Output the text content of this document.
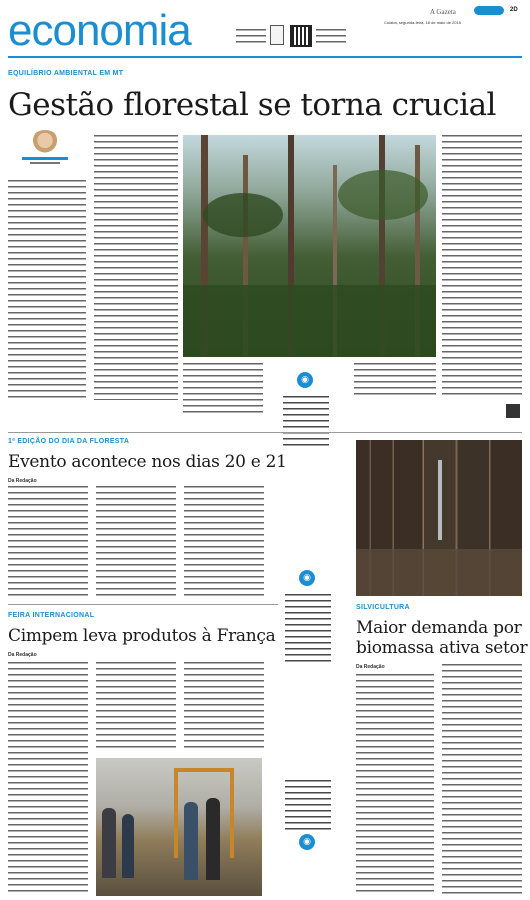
economia	A Gazeta	2D
Cuiabá, segunda-feira, 18 de maio de 2015
EQUILÍBRIO AMBIENTAL EM MT
Gestão florestal se torna crucial
◉
1ª EDIÇÃO DO DIA DA FLORESTA
Evento acontece nos dias 20 e 21
Da Redação
◉
FEIRA INTERNACIONAL
Cimpem leva produtos à França
Da Redação
◉
SILVICULTURA
Maior demanda por
biomassa ativa setor
Da Redação
